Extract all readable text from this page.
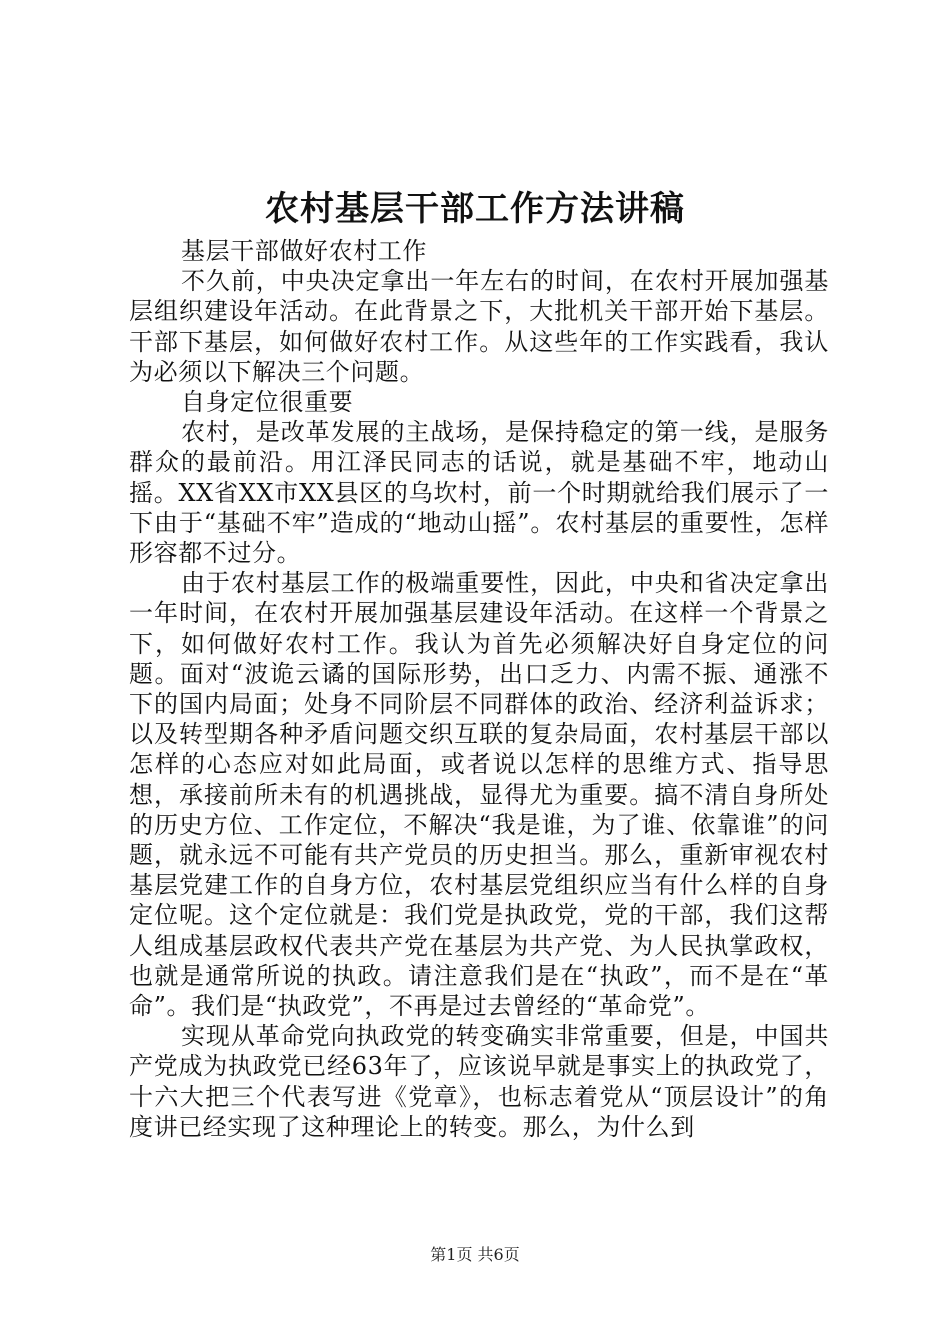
农村基层干部工作方法讲稿

基层干部做好农村工作

不久前，中央决定拿出一年左右的时间，在农村开展加强基层组织建设年活动。在此背景之下，大批机关干部开始下基层。干部下基层，如何做好农村工作。从这些年的工作实践看，我认为必须以下解决三个问题。

自身定位很重要

农村，是改革发展的主战场，是保持稳定的第一线，是服务群众的最前沿。用江泽民同志的话说，就是基础不牢，地动山摇。XX省XX市XX县区的乌坎村，前一个时期就给我们展示了一下由于“基础不牢”造成的“地动山摇”。农村基层的重要性，怎样形容都不过分。

由于农村基层工作的极端重要性，因此，中央和省决定拿出一年时间，在农村开展加强基层建设年活动。在这样一个背景之下，如何做好农村工作。我认为首先必须解决好自身定位的问题。面对“波诡云谲的国际形势，出口乏力、内需不振、通涨不下的国内局面；处身不同阶层不同群体的政治、经济利益诉求；以及转型期各种矛盾问题交织互联的复杂局面，农村基层干部以怎样的心态应对如此局面，或者说以怎样的思维方式、指导思想，承接前所未有的机遇挑战，显得尤为重要。搞不清自身所处的历史方位、工作定位，不解决“我是谁，为了谁、依靠谁”的问题，就永远不可能有共产党员的历史担当。那么，重新审视农村基层党建工作的自身方位，农村基层党组织应当有什么样的自身定位呢。这个定位就是：我们党是执政党，党的干部，我们这帮人组成基层政权代表共产党在基层为共产党、为人民执掌政权，也就是通常所说的执政。请注意我们是在“执政”，而不是在“革命”。我们是“执政党”，不再是过去曾经的“革命党”。

实现从革命党向执政党的转变确实非常重要，但是，中国共产党成为执政党已经63年了，应该说早就是事实上的执政党了，十六大把三个代表写进《党章》，也标志着党从“顶层设计”的角度讲已经实现了这种理论上的转变。那么，为什么到

第1页 共6页
